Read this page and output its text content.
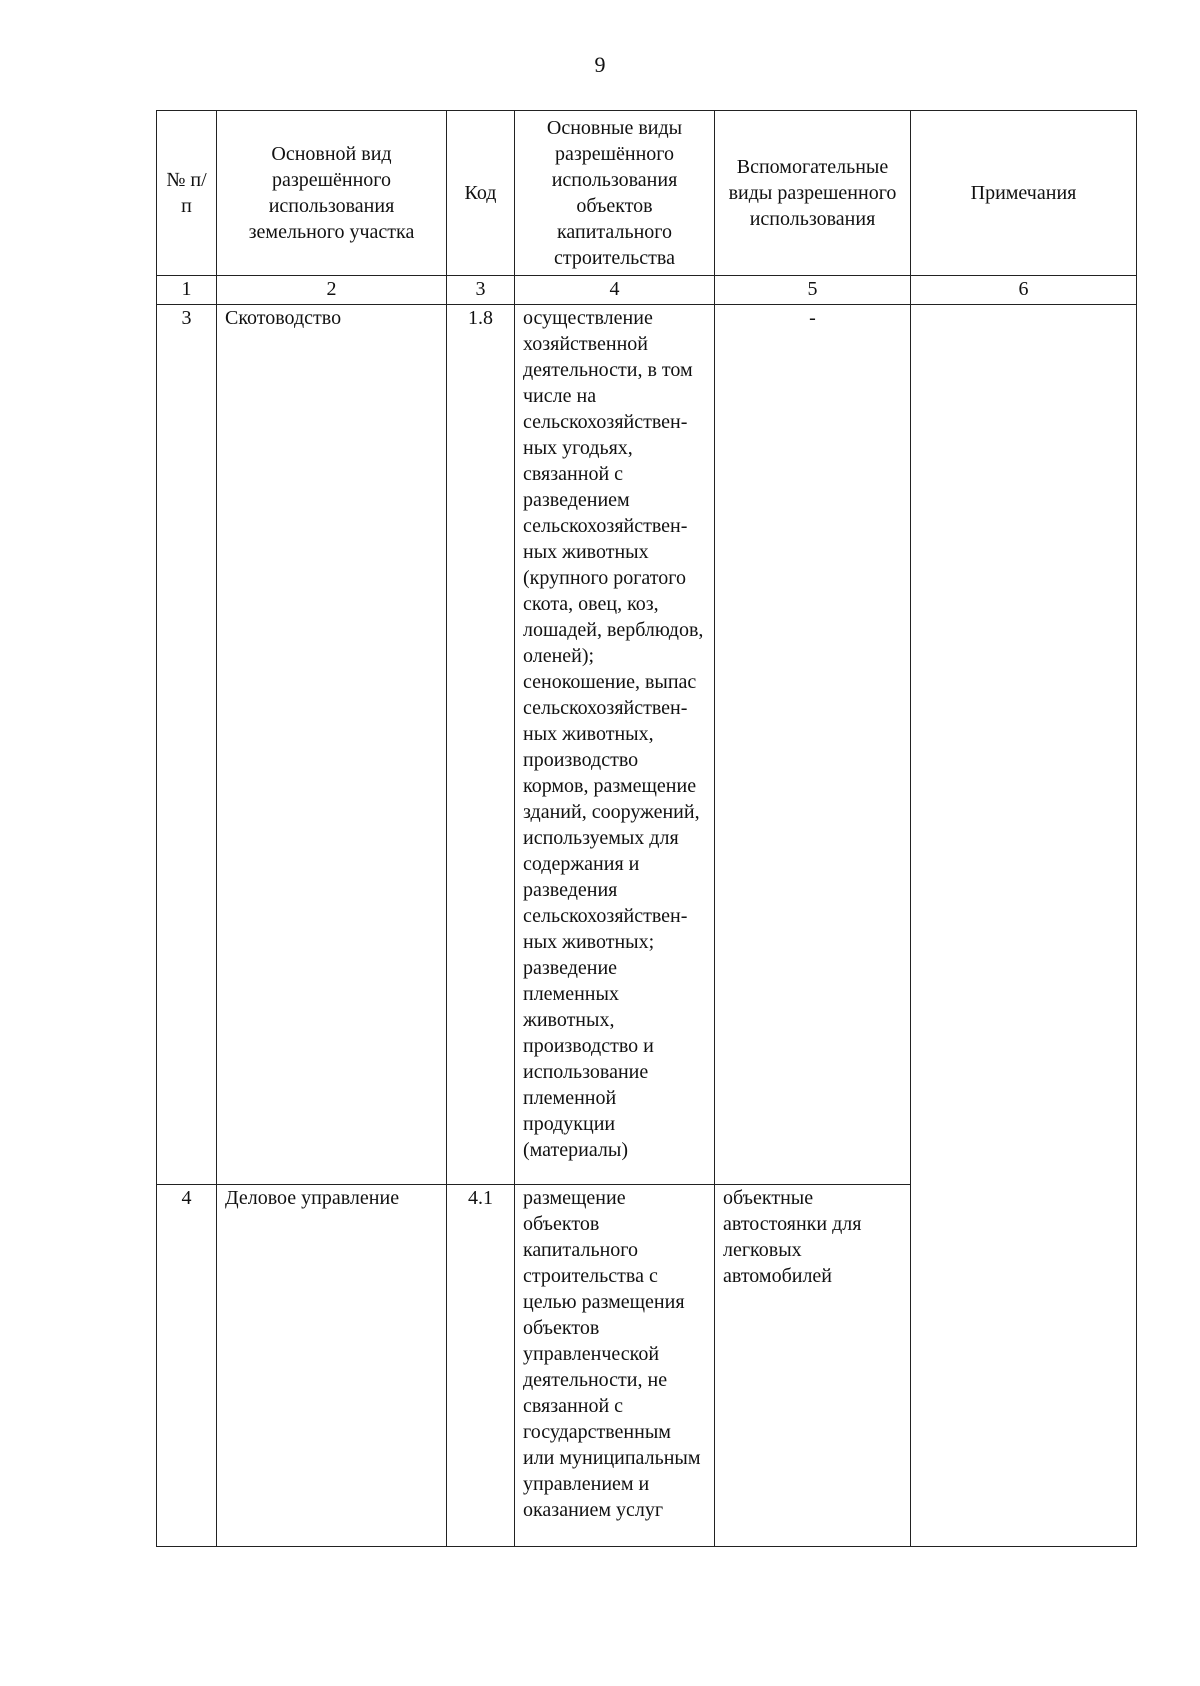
9
№ п/п	Основной вид разрешённого использования земельного участка	Код	Основные виды разрешённого использования объектов капитального строительства	Вспомогательные виды разрешенного использования	Примечания
1	2	3	4	5	6
3	Скотоводство	1.8	осуществление хозяйственной деятельности, в том числе на сельскохозяйствен- ных угодьях, связанной с разведением сельскохозяйствен- ных животных (крупного рогатого скота, овец, коз, лошадей, верблюдов, оленей); сенокошение, выпас сельскохозяйствен- ных животных, производство кормов, размещение зданий, сооружений, используемых для содержания и разведения сельскохозяйствен- ных животных; разведение племенных животных, производство и использование племенной продукции (материалы)	-	
4	Деловое управление	4.1	размещение объектов капитального строительства с целью размещения объектов управленческой деятельности, не связанной с государственным или муниципальным управлением и оказанием услуг	объектные автостоянки для легковых автомобилей	
